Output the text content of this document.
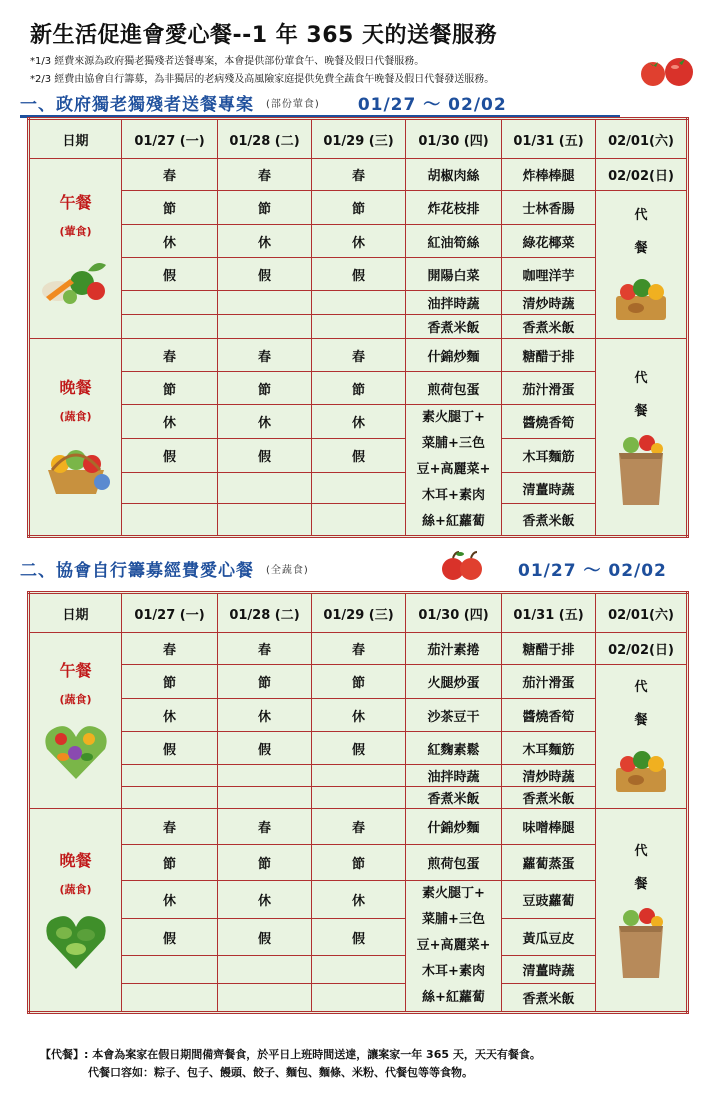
新生活促進會愛心餐--1 年 365 天的送餐服務
*1/3 經費來源為政府獨老獨殘者送餐專案，本會提供部份葷食午、晚餐及假日代餐服務。
*2/3 經費由協會自行籌募，為非獨居的老病殘及高風險家庭提供免費全蔬食午晚餐及假日代餐發送服務。
一、政府獨老獨殘者送餐專案 (部份葷食) 01/27 ～ 02/02
日期	01/27 (一)	01/28 (二)	01/29 (三)	01/30 (四)	01/31 (五)	02/01(六)

午餐
(葷食)	春	春	春	胡椒肉絲	炸棒棒腿	02/02(日)
	節	節	節	炸花枝排	士林香腸	代
餐

	休	休	休	紅油筍絲	綠花椰菜	
	假	假	假	開陽白菜	咖哩洋芋	
				油拌時蔬	清炒時蔬	
				香煮米飯	香煮米飯	

晚餐
(蔬食)	春	春	春	什錦炒麵	糖醋于排	代
餐

	節	節	節	煎荷包蛋	茄汁滑蛋	
	休	休	休	素火腿丁+
菜脯+三色
豆+高麗菜+
木耳+素肉
絲+紅蘿蔔	醬燒香筍	
	假	假	假		木耳麵筋	
					清薑時蔬	
					香煮米飯	
二、協會自行籌募經費愛心餐 (全蔬食)	01/27 ～ 02/02
日期	01/27 (一)	01/28 (二)	01/29 (三)	01/30 (四)	01/31 (五)	02/01(六)

午餐
(蔬食)	春	春	春	茄汁素捲	糖醋于排	02/02(日)
	節	節	節	火腿炒蛋	茄汁滑蛋	代
餐

	休	休	休	沙茶豆干	醬燒香筍	
	假	假	假	紅麴素鬆	木耳麵筋	
				油拌時蔬	清炒時蔬	
				香煮米飯	香煮米飯	

晚餐
(蔬食)	春	春	春	什錦炒麵	味噌棒腿	代
餐

	節	節	節	煎荷包蛋	蘿蔔蒸蛋	
	休	休	休	素火腿丁+
菜脯+三色
豆+高麗菜+
木耳+素肉
絲+紅蘿蔔	豆豉蘿蔔	
	假	假	假		黃瓜豆皮	
					清薑時蔬	
					香煮米飯	
【代餐】: 本會為案家在假日期間備齊餐食，於平日上班時間送達，讓案家一年 365 天，天天有餐食。
代餐口容如：粽子、包子、饅頭、餃子、麵包、麵條、米粉、代餐包等等食物。
